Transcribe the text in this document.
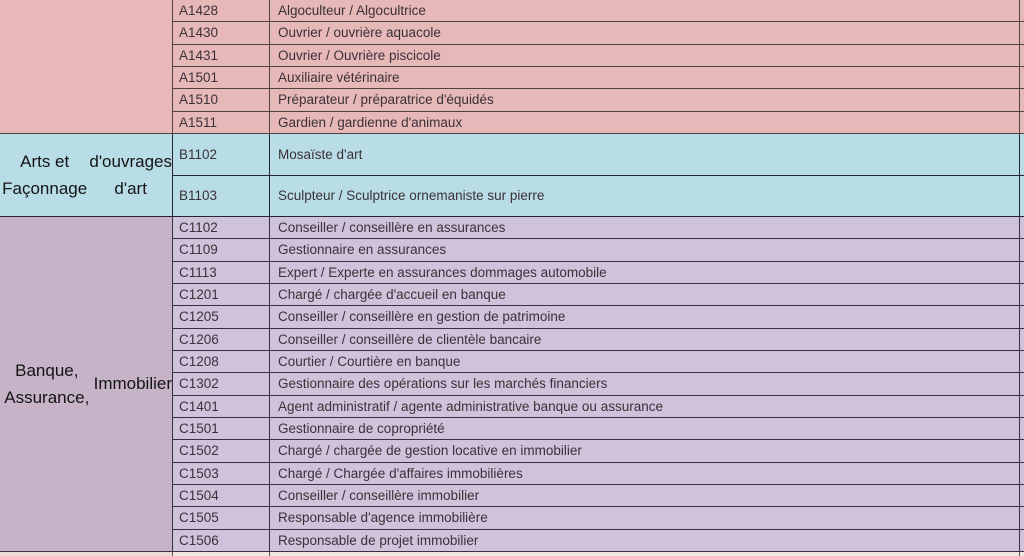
A1428	Algoculteur / Algocultrice
A1430	Ouvrier / ouvrière aquacole
A1431	Ouvrier / Ouvrière piscicole
A1501	Auxiliaire vétérinaire
A1510	Préparateur / préparatrice d'équidés
A1511	Gardien / gardienne d'animaux
Arts et Façonnage

d'ouvrages d'art
B1102	Mosaïste d'art
B1103	Sculpteur / Sculptrice ornemaniste sur pierre
Banque, Assurance,

Immobilier
C1102	Conseiller / conseillère en assurances
C1109	Gestionnaire en assurances
C1113	Expert / Experte en assurances dommages automobile
C1201	Chargé / chargée d'accueil en banque
C1205	Conseiller / conseillère en gestion de patrimoine
C1206	Conseiller / conseillère de clientèle bancaire
C1208	Courtier / Courtière en banque
C1302	Gestionnaire des opérations sur les marchés financiers
C1401	Agent administratif / agente administrative banque ou assurance
C1501	Gestionnaire de copropriété
C1502	Chargé / chargée de gestion locative en immobilier
C1503	Chargé / Chargée d'affaires immobilières
C1504	Conseiller / conseillère immobilier
C1505	Responsable d'agence immobilière
C1506	Responsable de projet immobilier
